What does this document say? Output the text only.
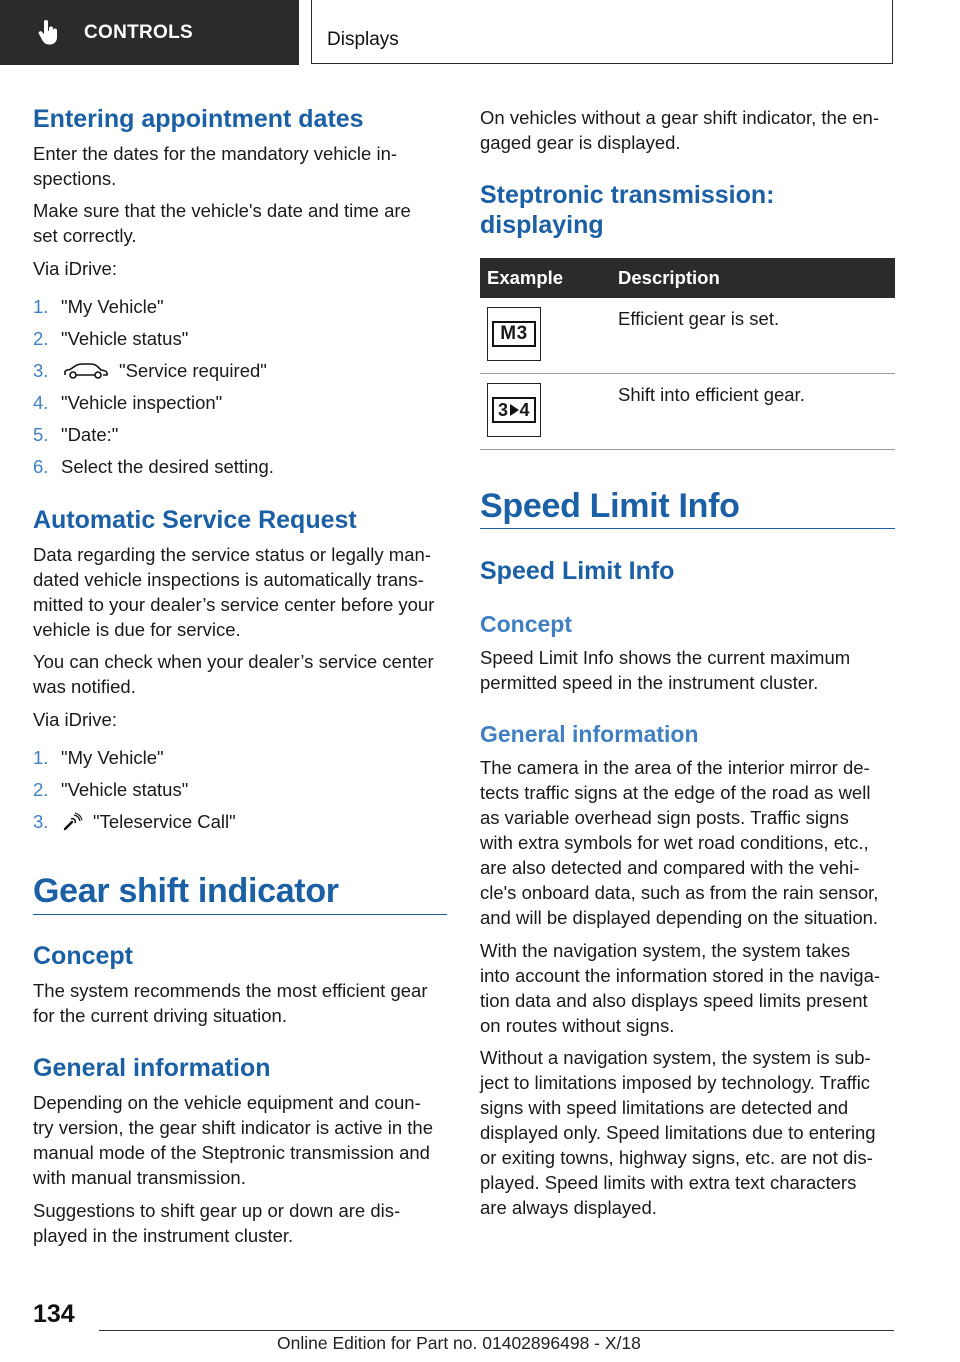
CONTROLS	Displays
Entering appointment dates

Enter the dates for the mandatory vehicle in-

spections.

Make sure that the vehicle's date and time are

set correctly.

Via iDrive:

1. "My Vehicle"
2. "Vehicle status"
3.	"Service required"
4. "Vehicle inspection"
5. "Date:"
6. Select the desired setting.
Automatic Service Request

Data regarding the service status or legally man-

dated vehicle inspections is automatically trans-

mitted to your dealer’s service center before your

vehicle is due for service.

You can check when your dealer’s service center

was notified.

Via iDrive:

1. "My Vehicle"
2. "Vehicle status"
3.	"Teleservice Call"
Gear shift indicator
Concept

The system recommends the most efficient gear

for the current driving situation.

General information

Depending on the vehicle equipment and coun-

try version, the gear shift indicator is active in the

manual mode of the Steptronic transmission and

with manual transmission.

Suggestions to shift gear up or down are dis-

played in the instrument cluster.

On vehicles without a gear shift indicator, the en-

gaged gear is displayed.

Steptronic transmission:
displaying
Example	Description
M3
Efficient gear is set.
3 4
Shift into efficient gear.
Speed Limit Info
Speed Limit Info
Concept

Speed Limit Info shows the current maximum

permitted speed in the instrument cluster.

General information

The camera in the area of the interior mirror de-

tects traffic signs at the edge of the road as well

as variable overhead sign posts. Traffic signs

with extra symbols for wet road conditions, etc.,

are also detected and compared with the vehi-

cle's onboard data, such as from the rain sensor,

and will be displayed depending on the situation.

With the navigation system, the system takes

into account the information stored in the naviga-

tion data and also displays speed limits present

on routes without signs.

Without a navigation system, the system is sub-

ject to limitations imposed by technology. Traffic

signs with speed limitations are detected and

displayed only. Speed limitations due to entering

or exiting towns, highway signs, etc. are not dis-

played. Speed limits with extra text characters

are always displayed.

134
Online Edition for Part no. 01402896498 - X/18
